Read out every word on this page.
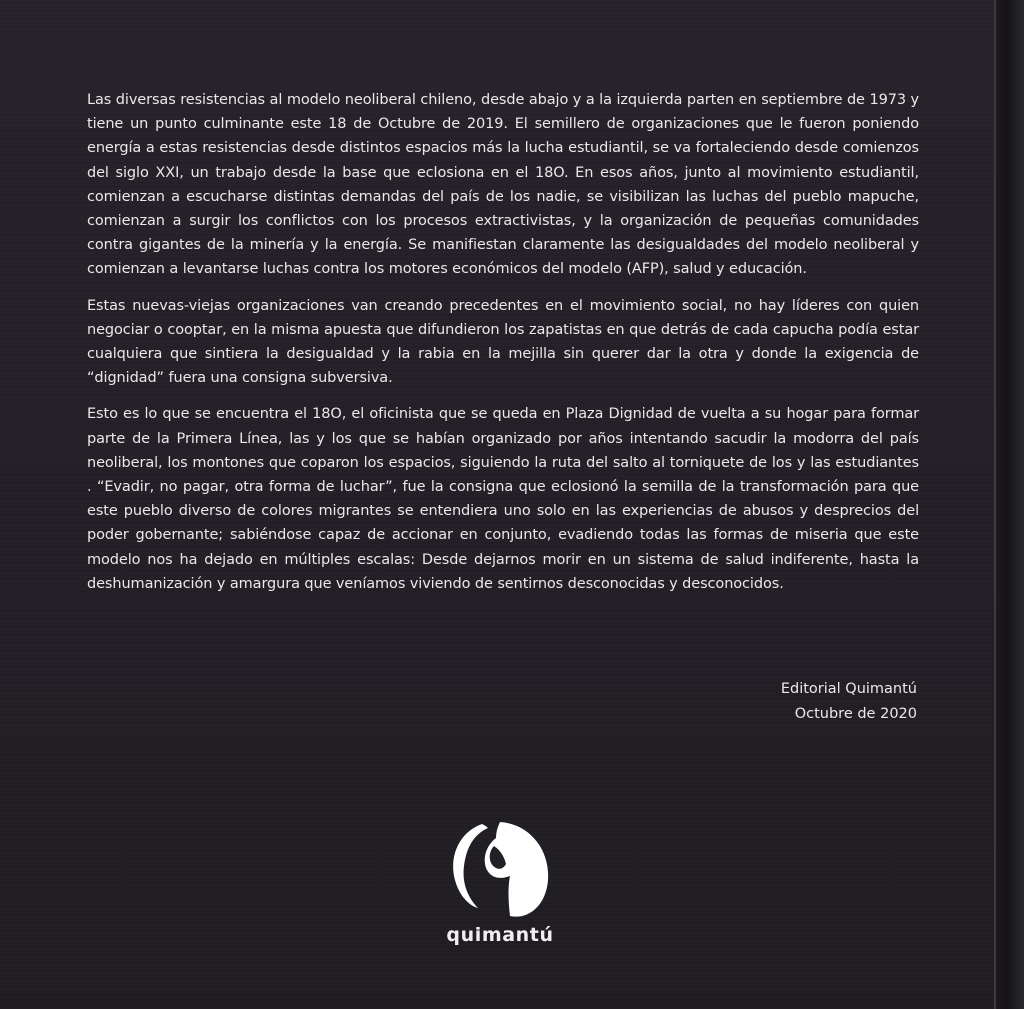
Las diversas resistencias al modelo neoliberal chileno, desde abajo y a la izquierda parten en septiembre de 1973 y tiene un punto culminante este 18 de Octubre de 2019. El semillero de organizaciones que le fueron poniendo energía a estas resistencias desde distintos espacios más la lucha estudiantil, se va fortaleciendo desde comienzos del siglo XXI, un trabajo desde la base que eclosiona en el 18O. En esos años, junto al movimiento estudiantil, comienzan a escucharse distintas demandas del país de los nadie, se visibilizan las luchas del pueblo mapuche, comienzan a surgir los conflictos con los procesos extractivistas, y la organización de pequeñas comunidades contra gigantes de la minería y la energía. Se manifiestan claramente las desigualdades del modelo neoliberal y comienzan a levantarse luchas contra los motores económicos del modelo (AFP), salud y educación.

Estas nuevas-viejas organizaciones van creando precedentes en el movimiento social, no hay líderes con quien negociar o cooptar, en la misma apuesta que difundieron los zapatistas en que detrás de cada capucha podía estar cualquiera que sintiera la desigualdad y la rabia en la mejilla sin querer dar la otra y donde la exigencia de “dignidad” fuera una consigna subversiva.

Esto es lo que se encuentra el 18O, el oficinista que se queda en Plaza Dignidad de vuelta a su hogar para formar parte de la Primera Línea, las y los que se habían organizado por años intentando sacudir la modorra del país neoliberal, los montones que coparon los espacios, siguiendo la ruta del salto al torniquete de los y las estudiantes . “Evadir, no pagar, otra forma de luchar”, fue la consigna que eclosionó la semilla de la transformación para que este pueblo diverso de colores migrantes se entendiera uno solo en las experiencias de abusos y desprecios del poder gobernante; sabiéndose capaz de accionar en conjunto, evadiendo todas las formas de miseria que este modelo nos ha dejado en múltiples escalas: Desde dejarnos morir en un sistema de salud indiferente, hasta la deshumanización y amargura que veníamos viviendo de sentirnos desconocidas y desconocidos.

Editorial Quimantú
Octubre de 2020
quimantú
